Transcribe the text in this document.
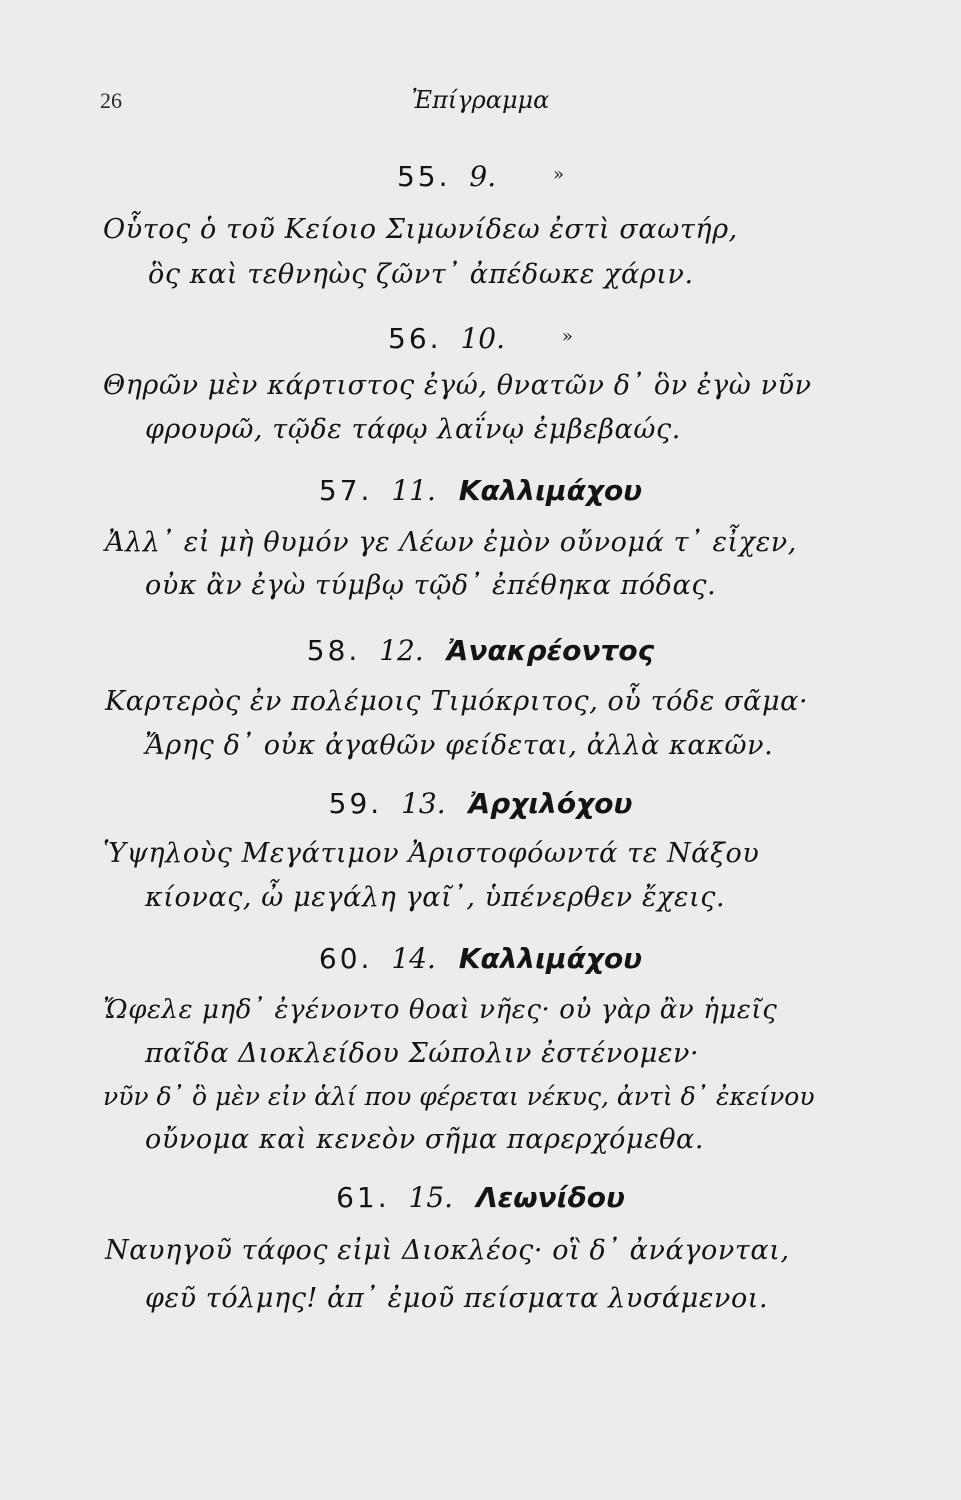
26	Ἐπίγραμμα
55. 9.	»
Οὗτος ὁ τοῦ Κείοιο Σιμωνίδεω ἐστὶ σαωτήρ,
ὃς καὶ τεθνηὼς ζῶντ᾽ ἀπέδωκε χάριν.
56. 10.	»
Θηρῶν μὲν κάρτιστος ἐγώ, θνατῶν δ᾽ ὃν ἐγὼ νῦν
φρουρῶ, τῷδε τάφῳ λαΐνῳ ἐμβεβαώς.
57. 11. Καλλιμάχου
Ἀλλ᾽ εἰ μὴ θυμόν γε Λέων ἐμὸν οὔνομά τ᾽ εἶχεν,
οὐκ ἂν ἐγὼ τύμβῳ τῷδ᾽ ἐπέθηκα πόδας.
58. 12. Ἀνακρέοντος
Καρτερὸς ἐν πολέμοις Τιμόκριτος, οὗ τόδε σᾶμα·
Ἄρης δ᾽ οὐκ ἀγαθῶν φείδεται, ἀλλὰ κακῶν.
59. 13. Ἀρχιλόχου
Ὑψηλοὺς Μεγάτιμον Ἀριστοφόωντά τε Νάξου
κίονας, ὦ μεγάλη γαῖ᾽, ὑπένερθεν ἔχεις.
60. 14. Καλλιμάχου
Ὤφελε μηδ᾽ ἐγένοντο θοαὶ νῆες· οὐ γὰρ ἂν ἡμεῖς
παῖδα Διοκλείδου Σώπολιν ἐστένομεν·
νῦν δ᾽ ὃ μὲν εἰν ἁλί που φέρεται νέκυς, ἀντὶ δ᾽ ἐκείνου
οὔνομα καὶ κενεὸν σῆμα παρερχόμεθα.
61. 15. Λεωνίδου
Ναυηγοῦ τάφος εἰμὶ Διοκλέος· οἳ δ᾽ ἀνάγονται,
φεῦ τόλμης! ἀπ᾽ ἐμοῦ πείσματα λυσάμενοι.
